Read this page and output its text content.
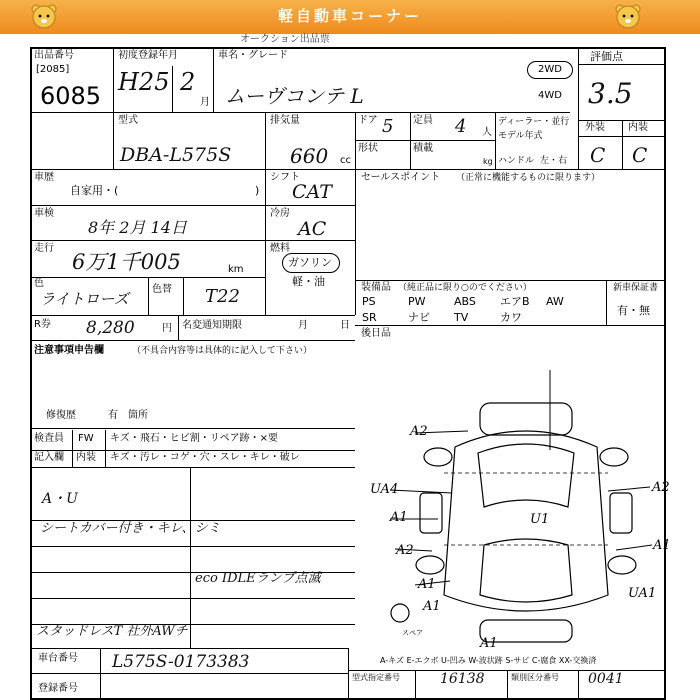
軽自動車コーナー
オークション出品票
出品番号
[2085]
6085
初度登録年月
H25 2
月
車名・グレード
ムーヴコンテ L
2WD
4WD
評価点
3.5
型式
DBA-L575S
排気量
660 cc
ドア 5 定員 4 人
形状	積載
kg
ディーラー・並行
モデル年式
ハンドル 左・右
外装 内装
C C
車歴
自家用・(	)
シフト
CAT
車検
8年 2月 14日
冷房
AC
走行
6万1千005	km
燃料
ガソリン
軽・油
色
ライトローズ
色替 T22
R券 8,280	円 名変通知期限	月	日
注意事項申告欄	（不具合内容等は具体的に記入して下さい）
修復歴	有 箇所
セールスポイント （正常に機能するものに限ります）
装備品 （純正品に限り○のでください）	新車保証書
有・無
後日品
PS	PW	ABS エアB AW
SR	ナビ TV	カワ
検査員 FW キズ・飛石・ヒビ割・リペア跡・×要
記入欄 内装 キズ・汚レ・コゲ・穴・スレ・キレ・破レ
A・U
シートカバー付き・キレ、シミ
eco IDLEランプ点滅
スタッドレスT 社外AWチ
A2
UA4
A1
A2
U1
A2
A1
A1
A1
UA1
A1
スペア
A-キズ E-エクボ U-凹み W-波状跡 S-サビ C-腐食 XX-交換済
車台番号 L575S-0173383
登録番号
型式指定番号	16138	類別区分番号 0041
